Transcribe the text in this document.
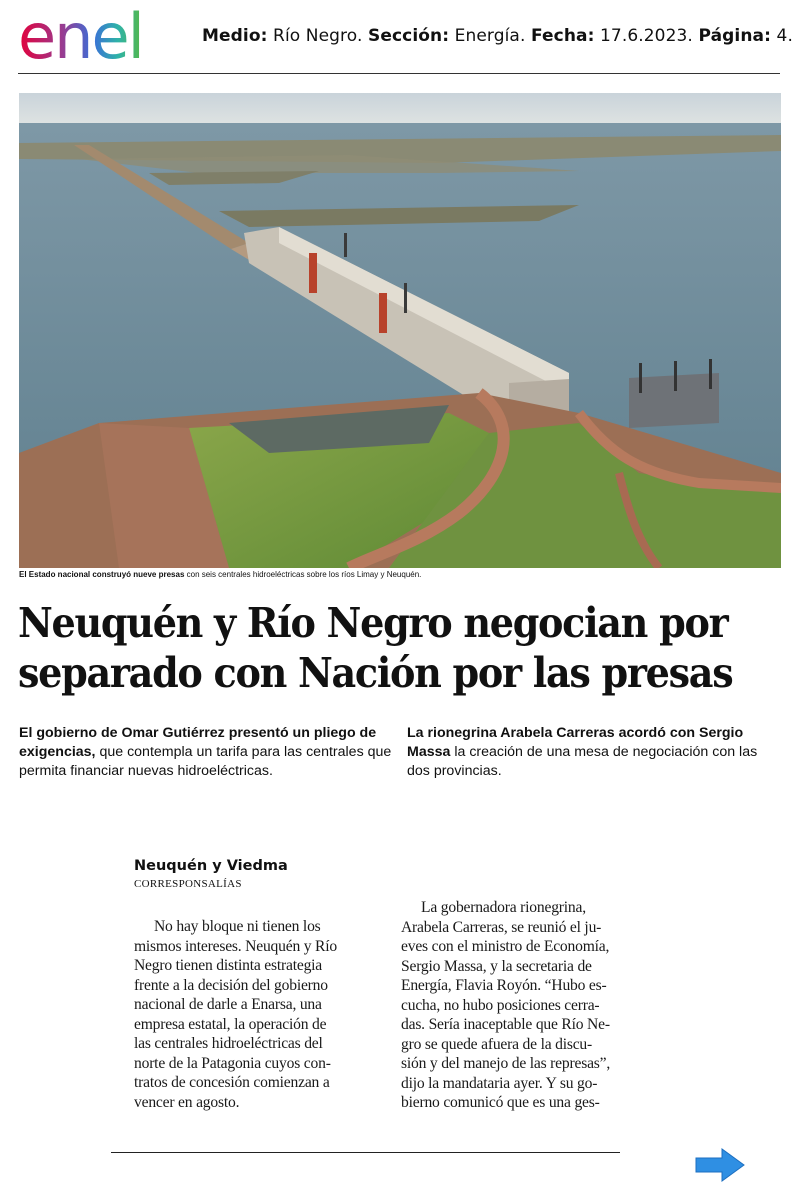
enel	Medio: Río Negro. Sección: Energía. Fecha: 17.6.2023. Página: 4.
El Estado nacional construyó nueve presas con seis centrales hidroeléctricas sobre los ríos Limay y Neuquén.
Neuquén y Río Negro negocian por
separado con Nación por las presas
El gobierno de Omar Gutiérrez presentó un pliego de exigencias, que contempla un tarifa para las centrales que permita financiar nuevas hidroeléctricas.
La rionegrina Arabela Carreras acordó con Sergio Massa la creación de una mesa de negociación con las dos provincias.
Neuquén y Viedma
CORRESPONSALÍAS
No hay bloque ni tienen los
mismos intereses. Neuquén y Río
Negro tienen distinta estrategia
frente a la decisión del gobierno
nacional de darle a Enarsa, una
empresa estatal, la operación de
las centrales hidroeléctricas del
norte de la Patagonia cuyos con-
tratos de concesión comienzan a
vencer en agosto.
La gobernadora rionegrina,
Arabela Carreras, se reunió el ju-
eves con el ministro de Economía,
Sergio Massa, y la secretaria de
Energía, Flavia Royón. “Hubo es-
cucha, no hubo posiciones cerra-
das. Sería inaceptable que Río Ne-
gro se quede afuera de la discu-
sión y del manejo de las represas”,
dijo la mandataria ayer. Y su go-
bierno comunicó que es una ges-
